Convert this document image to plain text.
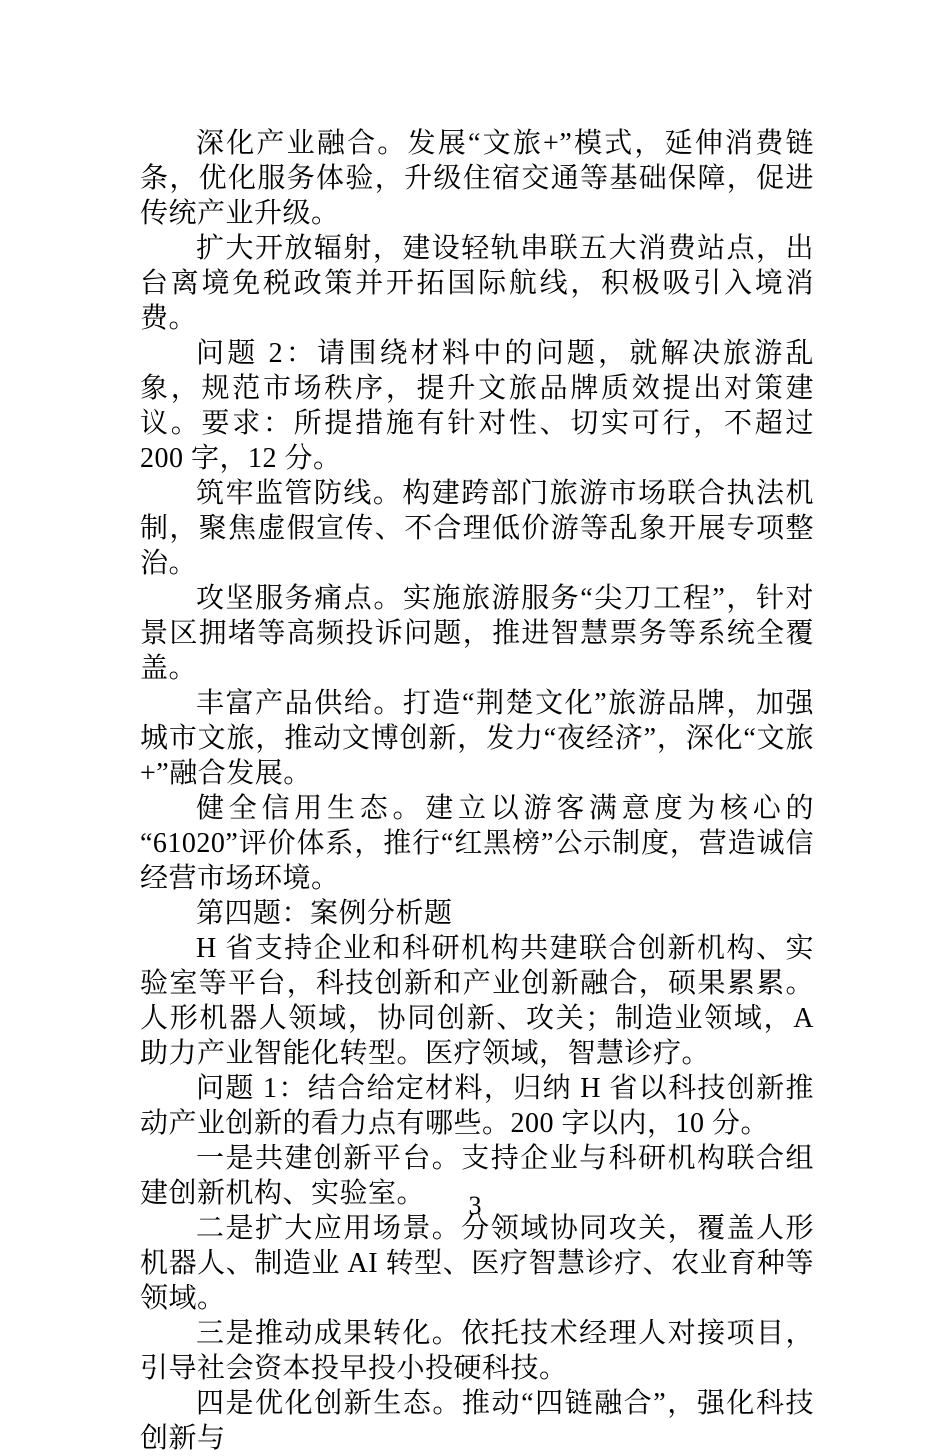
深化产业融合。发展“文旅+”模式，延伸消费链条，优化服务体验，升级住宿交通等基础保障，促进传统产业升级。

扩大开放辐射，建设轻轨串联五大消费站点，出台离境免税政策并开拓国际航线，积极吸引入境消费。

问题 2：请围绕材料中的问题，就解决旅游乱象，规范市场秩序，提升文旅品牌质效提出对策建议。要求：所提措施有针对性、切实可行，不超过 200 字，12 分。

筑牢监管防线。构建跨部门旅游市场联合执法机制，聚焦虚假宣传、不合理低价游等乱象开展专项整治。

攻坚服务痛点。实施旅游服务“尖刀工程”，针对景区拥堵等高频投诉问题，推进智慧票务等系统全覆盖。

丰富产品供给。打造“荆楚文化”旅游品牌，加强城市文旅，推动文博创新，发力“夜经济”，深化“文旅+”融合发展。

健全信用生态。建立以游客满意度为核心的“61020”评价体系，推行“红黑榜”公示制度，营造诚信经营市场环境。

第四题：案例分析题

H 省支持企业和科研机构共建联合创新机构、实验室等平台，科技创新和产业创新融合，硕果累累。人形机器人领域，协同创新、攻关；制造业领域，A 助力产业智能化转型。医疗领域，智慧诊疗。

问题 1：结合给定材料，归纳 H 省以科技创新推动产业创新的看力点有哪些。200 字以内，10 分。

一是共建创新平台。支持企业与科研机构联合组建创新机构、实验室。

二是扩大应用场景。分领域协同攻关，覆盖人形机器人、制造业 AI 转型、医疗智慧诊疗、农业育种等领域。

三是推动成果转化。依托技术经理人对接项目，引导社会资本投早投小投硬科技。

四是优化创新生态。推动“四链融合”，强化科技创新与

3
